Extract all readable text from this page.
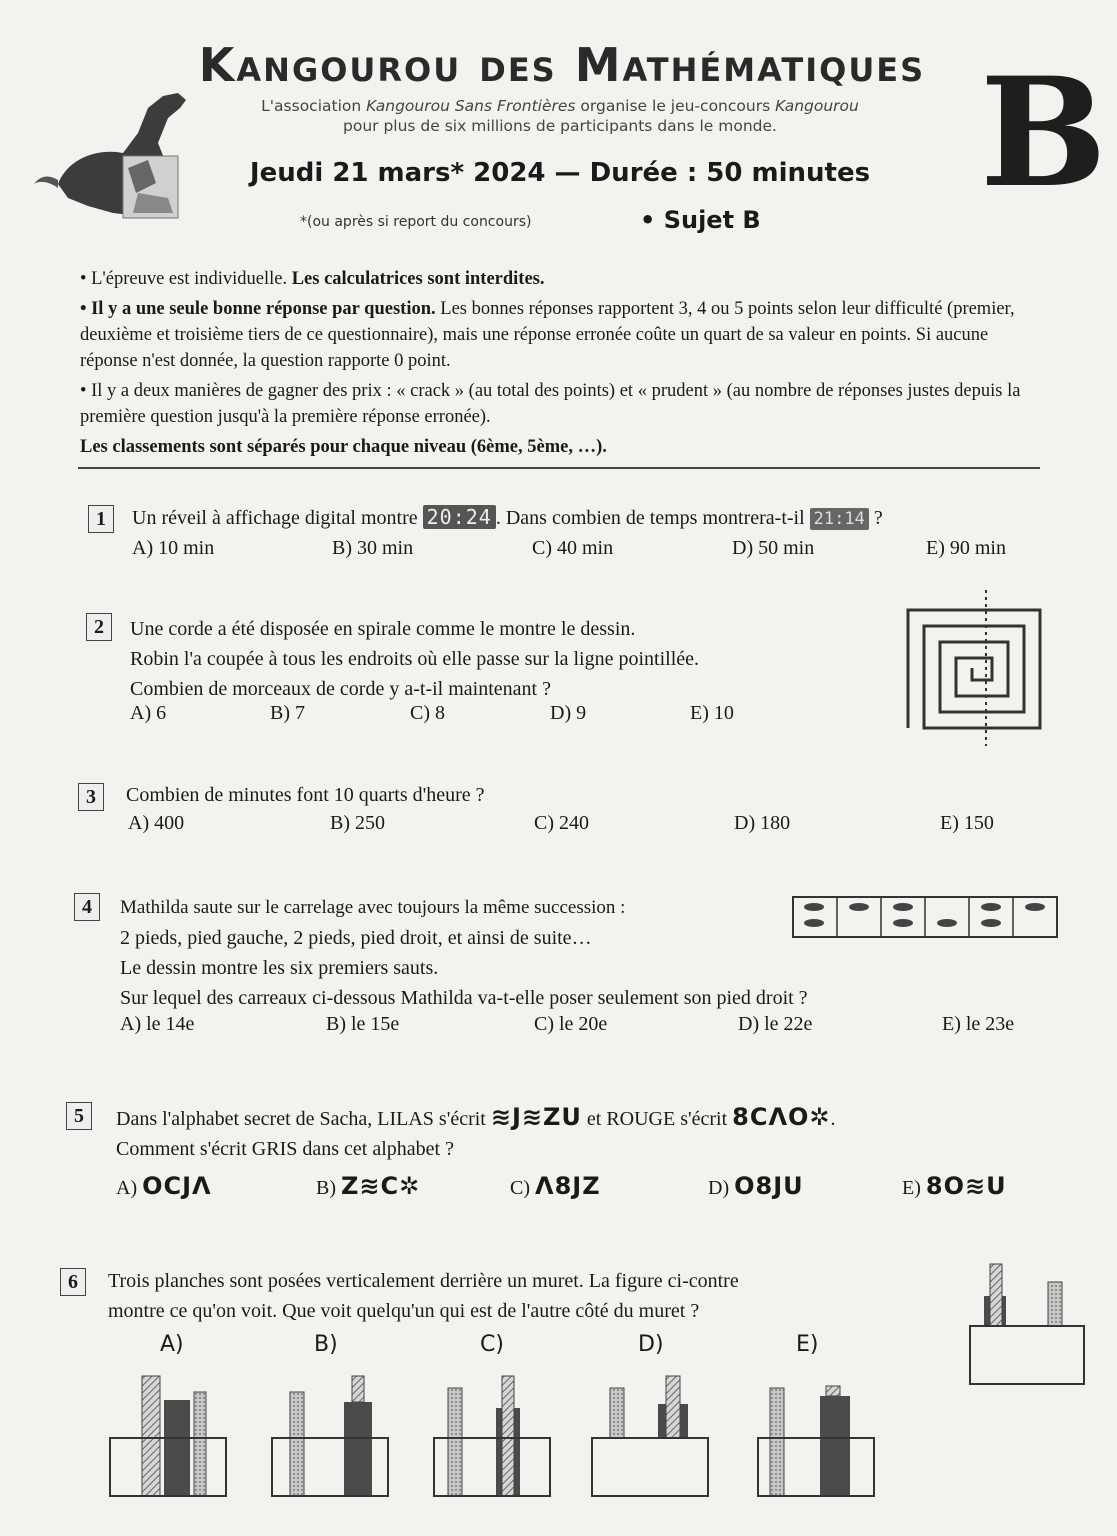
Kangourou des Mathématiques
L'association Kangourou Sans Frontières organise le jeu-concours Kangourou
pour plus de six millions de participants dans le monde.
Jeudi 21 mars* 2024 — Durée : 50 minutes
*(ou après si report du concours)	• Sujet B B

• L'épreuve est individuelle. Les calculatrices sont interdites.

• Il y a une seule bonne réponse par question. Les bonnes réponses rapportent 3, 4 ou 5 points selon leur difficulté (premier, deuxième et troisième tiers de ce questionnaire), mais une réponse erronée coûte un quart de sa valeur en points. Si aucune réponse n'est donnée, la question rapporte 0 point.

• Il y a deux manières de gagner des prix : « crack » (au total des points) et « prudent » (au nombre de réponses justes depuis la première question jusqu'à la première réponse erronée).

Les classements sont séparés pour chaque niveau (6ème, 5ème, …).

1	Un réveil à affichage digital montre 20:24 . Dans combien de temps montrera-t-il 21:14 ?
A) 10 min	B) 30 min	C) 40 min	D) 50 min	E) 90 min
2	Une corde a été disposée en spirale comme le montre le dessin.
Robin l'a coupée à tous les endroits où elle passe sur la ligne pointillée.
Combien de morceaux de corde y a-t-il maintenant ?
A) 6	B) 7	C) 8	D) 9	E) 10
3	Combien de minutes font 10 quarts d'heure ?
A) 400	B) 250	C) 240	D) 180	E) 150
4	Mathilda saute sur le carrelage avec toujours la même succession :
2 pieds, pied gauche, 2 pieds, pied droit, et ainsi de suite…
Le dessin montre les six premiers sauts.
Sur lequel des carreaux ci-dessous Mathilda va-t-elle poser seulement son pied droit ?
A) le 14e	B) le 15e	C) le 20e	D) le 22e	E) le 23e
5	Dans l'alphabet secret de Sacha, LILAS s'écrit ≋J≋ZU et ROUGE s'écrit 8CΛO✲.
Comment s'écrit GRIS dans cet alphabet ?
A) OCJΛ	B) Z≋C✲	C) Λ8JZ	D) O8JU	E) 8O≋U
6	Trois planches sont posées verticalement derrière un muret. La figure ci-contre
montre ce qu'on voit. Que voit quelqu'un qui est de l'autre côté du muret ?
A)	B)	C)	D)	E)
